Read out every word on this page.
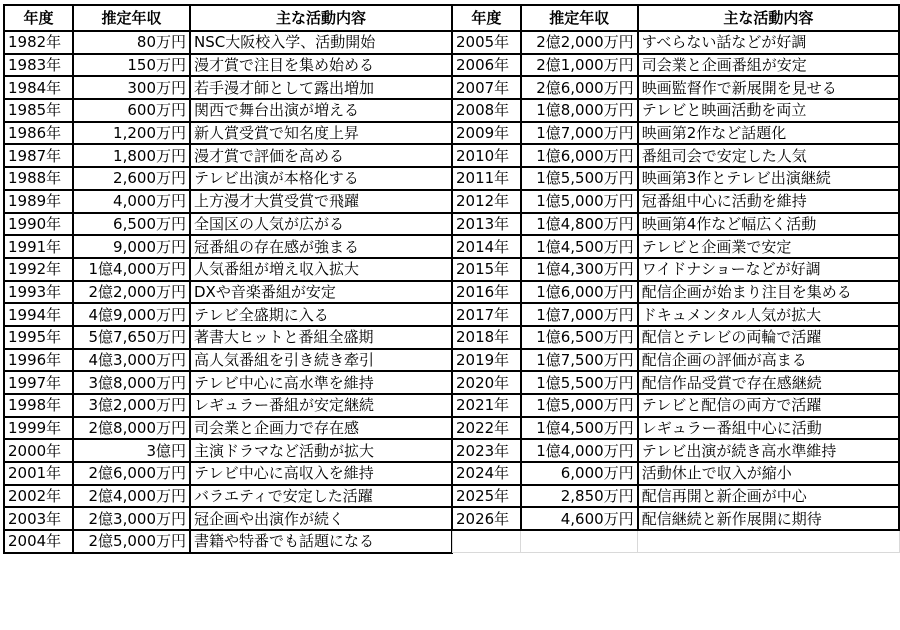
年度	推定年収	主な活動内容
1982年	80万円	NSC大阪校入学、活動開始
1983年	150万円	漫才賞で注目を集め始める
1984年	300万円	若手漫才師として露出増加
1985年	600万円	関西で舞台出演が増える
1986年	1,200万円	新人賞受賞で知名度上昇
1987年	1,800万円	漫才賞で評価を高める
1988年	2,600万円	テレビ出演が本格化する
1989年	4,000万円	上方漫才大賞受賞で飛躍
1990年	6,500万円	全国区の人気が広がる
1991年	9,000万円	冠番組の存在感が強まる
1992年	1億4,000万円	人気番組が増え収入拡大
1993年	2億2,000万円	DXや音楽番組が安定
1994年	4億9,000万円	テレビ全盛期に入る
1995年	5億7,650万円	著書大ヒットと番組全盛期
1996年	4億3,000万円	高人気番組を引き続き牽引
1997年	3億8,000万円	テレビ中心に高水準を維持
1998年	3億2,000万円	レギュラー番組が安定継続
1999年	2億8,000万円	司会業と企画力で存在感
2000年	3億円	主演ドラマなど活動が拡大
2001年	2億6,000万円	テレビ中心に高収入を維持
2002年	2億4,000万円	バラエティで安定した活躍
2003年	2億3,000万円	冠企画や出演作が続く
2004年	2億5,000万円	書籍や特番でも話題になる
年度	推定年収	主な活動内容
2005年	2億2,000万円	すべらない話などが好調
2006年	2億1,000万円	司会業と企画番組が安定
2007年	2億6,000万円	映画監督作で新展開を見せる
2008年	1億8,000万円	テレビと映画活動を両立
2009年	1億7,000万円	映画第2作など話題化
2010年	1億6,000万円	番組司会で安定した人気
2011年	1億5,500万円	映画第3作とテレビ出演継続
2012年	1億5,000万円	冠番組中心に活動を維持
2013年	1億4,800万円	映画第4作など幅広く活動
2014年	1億4,500万円	テレビと企画業で安定
2015年	1億4,300万円	ワイドナショーなどが好調
2016年	1億6,000万円	配信企画が始まり注目を集める
2017年	1億7,000万円	ドキュメンタル人気が拡大
2018年	1億6,500万円	配信とテレビの両輪で活躍
2019年	1億7,500万円	配信企画の評価が高まる
2020年	1億5,500万円	配信作品受賞で存在感継続
2021年	1億5,000万円	テレビと配信の両方で活躍
2022年	1億4,500万円	レギュラー番組中心に活動
2023年	1億4,000万円	テレビ出演が続き高水準維持
2024年	6,000万円	活動休止で収入が縮小
2025年	2,850万円	配信再開と新企画が中心
2026年	4,600万円	配信継続と新作展開に期待
